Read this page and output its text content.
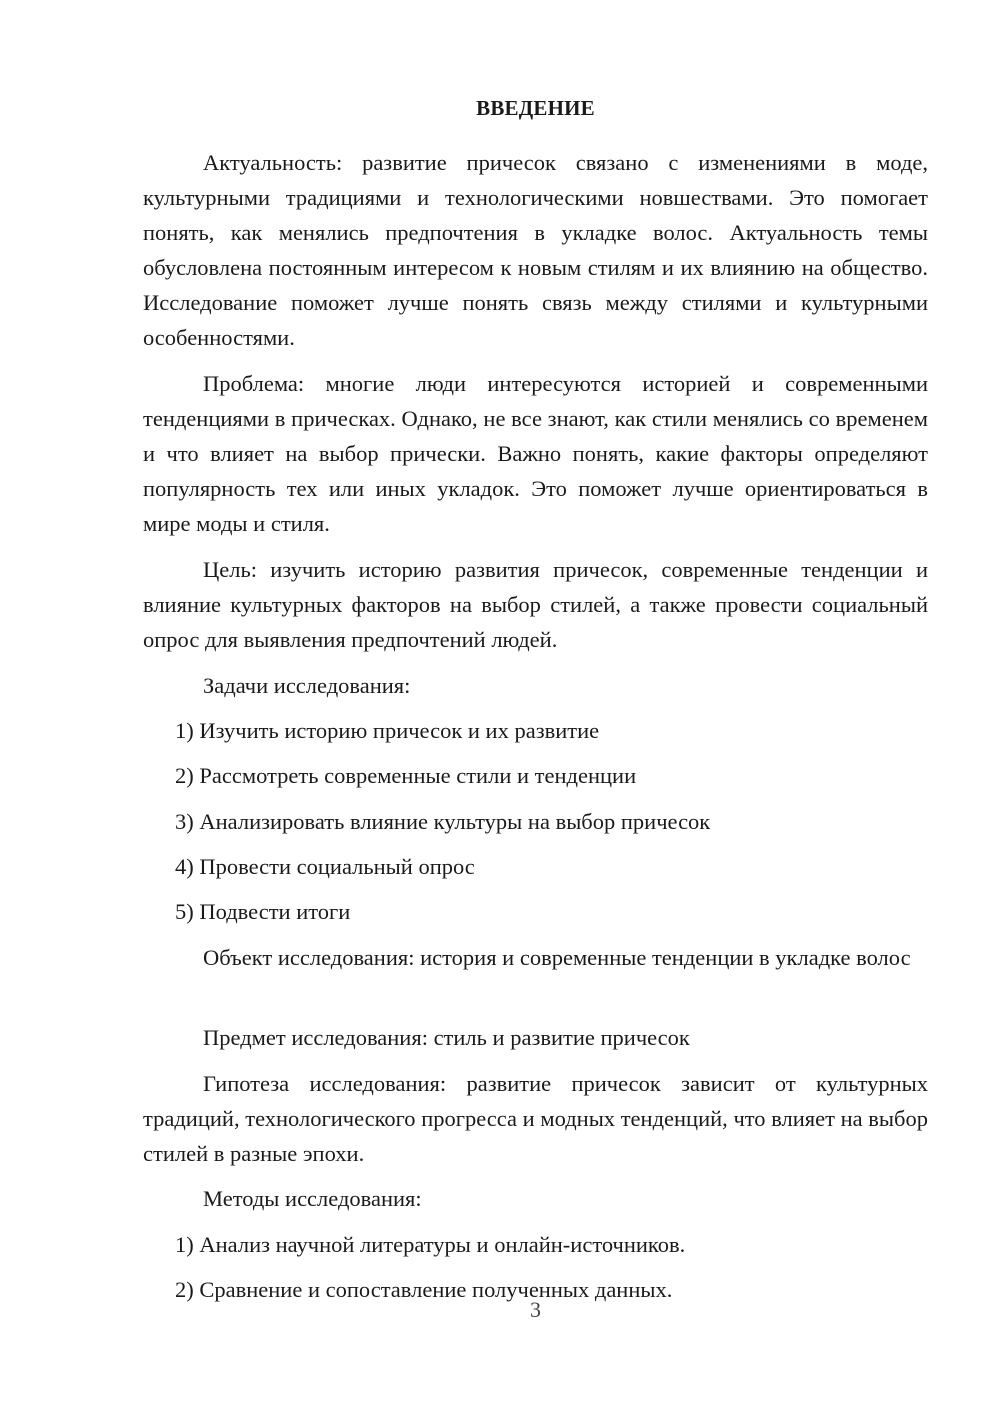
ВВЕДЕНИЕ

Актуальность: развитие причесок связано с изменениями в моде, культурными традициями и технологическими новшествами. Это помогает понять, как менялись предпочтения в укладке волос. Актуальность темы обусловлена постоянным интересом к новым стилям и их влиянию на общество. Исследование поможет лучше понять связь между стилями и культурными особенностями.

Проблема: многие люди интересуются историей и современными тенденциями в прическах. Однако, не все знают, как стили менялись со временем и что влияет на выбор прически. Важно понять, какие факторы определяют популярность тех или иных укладок. Это поможет лучше ориентироваться в мире моды и стиля.

Цель: изучить историю развития причесок, современные тенденции и влияние культурных факторов на выбор стилей, а также провести социальный опрос для выявления предпочтений людей.

Задачи исследования:

1) Изучить историю причесок и их развитие

2) Рассмотреть современные стили и тенденции

3) Анализировать влияние культуры на выбор причесок

4) Провести социальный опрос

5) Подвести итоги

Объект исследования: история и современные тенденции в укладке волос

Предмет исследования: стиль и развитие причесок

Гипотеза исследования: развитие причесок зависит от культурных традиций, технологического прогресса и модных тенденций, что влияет на выбор стилей в разные эпохи.

Методы исследования:

1) Анализ научной литературы и онлайн-источников.

2) Сравнение и сопоставление полученных данных.

3
